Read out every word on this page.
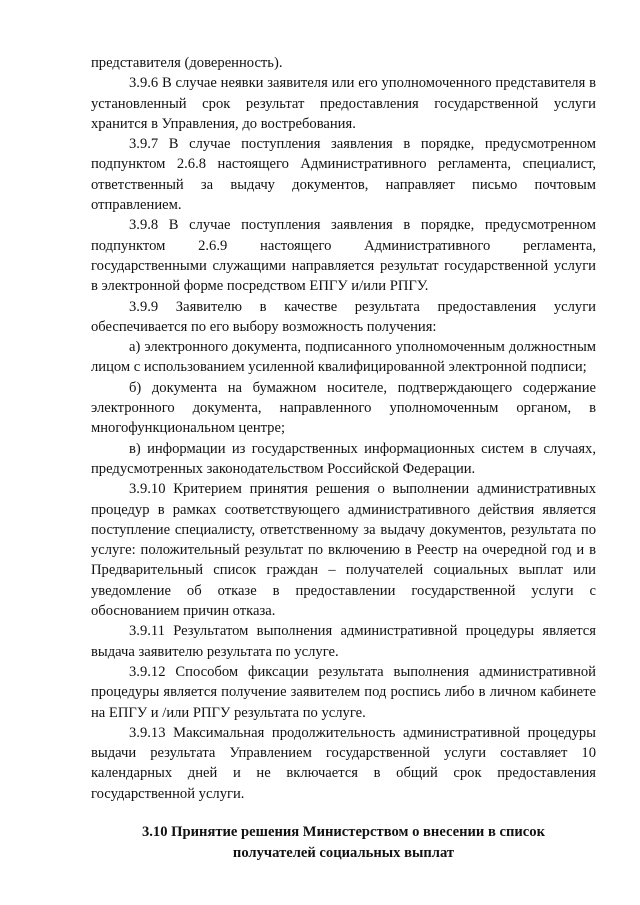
представителя (доверенность).

3.9.6 В случае неявки заявителя или его уполномоченного представителя в установленный срок результат предоставления государственной услуги хранится в Управления, до востребования.

3.9.7 В случае поступления заявления в порядке, предусмотренном подпунктом 2.6.8 настоящего Административного регламента, специалист, ответственный за выдачу документов, направляет письмо почтовым отправлением.

3.9.8 В случае поступления заявления в порядке, предусмотренном подпунктом 2.6.9 настоящего Административного регламента, государственными служащими направляется результат государственной услуги в электронной форме посредством ЕПГУ и/или РПГУ.

3.9.9 Заявителю в качестве результата предоставления услуги обеспечивается по его выбору возможность получения:

а) электронного документа, подписанного уполномоченным должностным лицом с использованием усиленной квалифицированной электронной подписи;

б) документа на бумажном носителе, подтверждающего содержание электронного документа, направленного уполномоченным органом, в многофункциональном центре;

в) информации из государственных информационных систем в случаях, предусмотренных законодательством Российской Федерации.

3.9.10 Критерием принятия решения о выполнении административных процедур в рамках соответствующего административного действия является поступление специалисту, ответственному за выдачу документов, результата по услуге: положительный результат по включению в Реестр на очередной год и в Предварительный список граждан – получателей социальных выплат или уведомление об отказе в предоставлении государственной услуги с обоснованием причин отказа.

3.9.11 Результатом выполнения административной процедуры является выдача заявителю результата по услуге.

3.9.12 Способом фиксации результата выполнения административной процедуры является получение заявителем под роспись либо в личном кабинете на ЕПГУ и /или РПГУ результата по услуге.

3.9.13 Максимальная продолжительность административной процедуры выдачи результата Управлением государственной услуги составляет 10 календарных дней и не включается в общий срок предоставления государственной услуги.

3.10 Принятие решения Министерством о внесении в список
получателей социальных выплат
